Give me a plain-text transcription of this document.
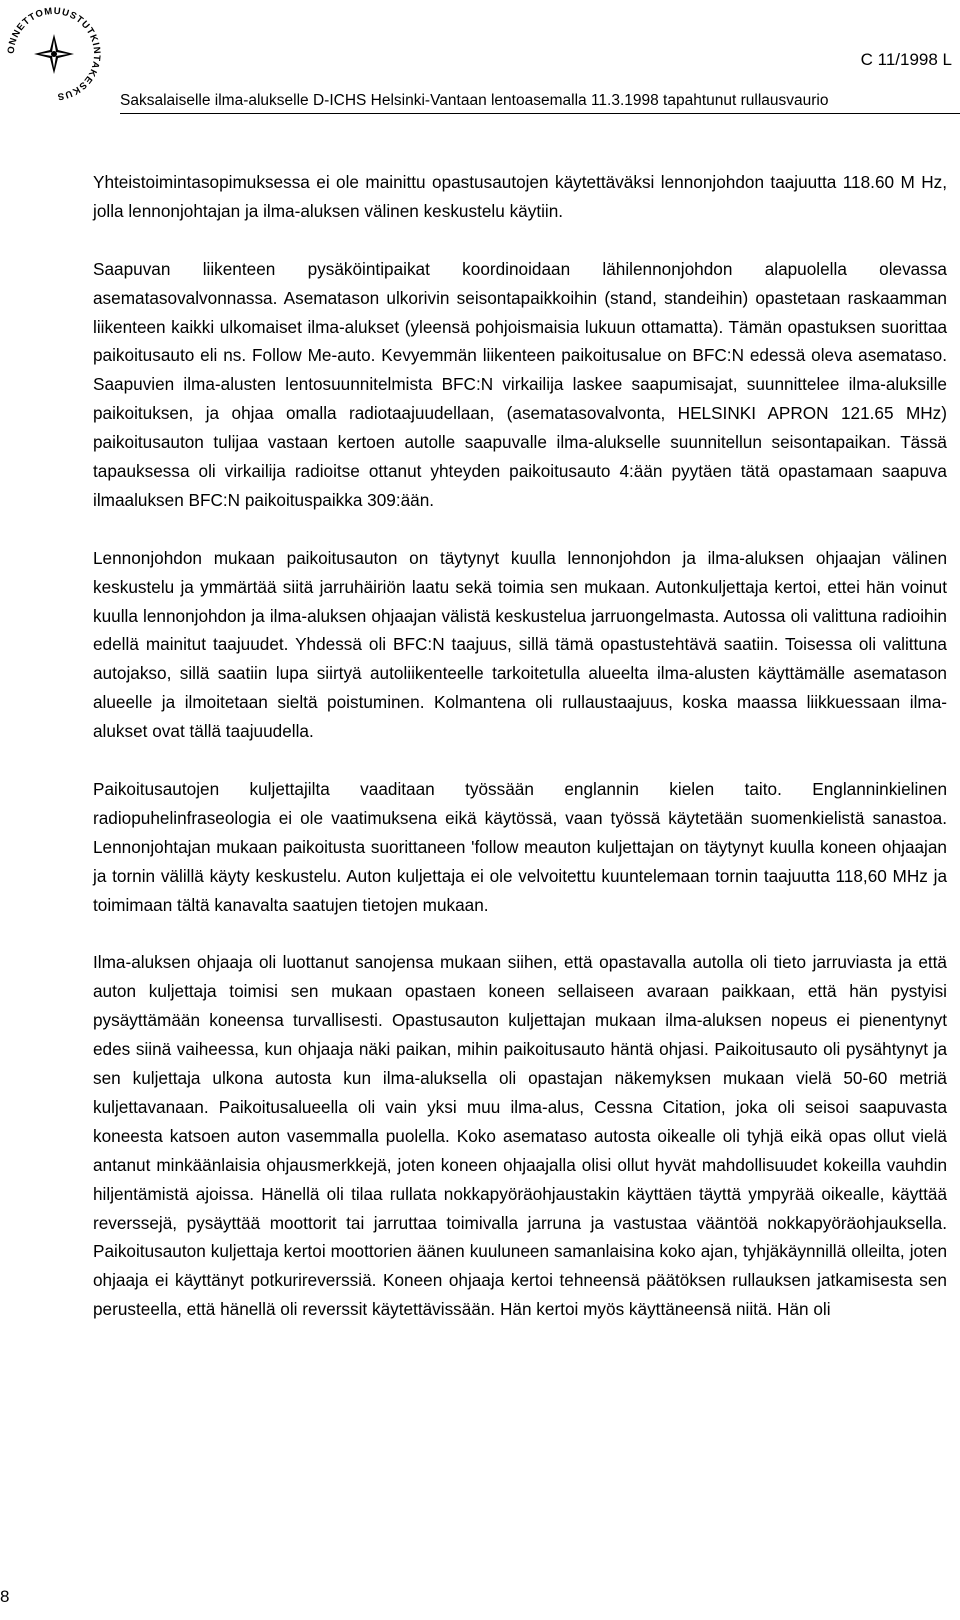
ONNETTOMUUSTUTKINTAKESKUS
C 11/1998 L
Saksalaiselle ilma-alukselle D-ICHS Helsinki-Vantaan lentoasemalla 11.3.1998 tapahtunut rullausvaurio

Yhteistoimintasopimuksessa ei ole mainittu opastusautojen käytettäväksi lennonjohdon taajuutta 118.60 M Hz, jolla lennonjohtajan ja ilma-aluksen välinen keskustelu käytiin.

Saapuvan liikenteen pysäköintipaikat koordinoidaan lähilennonjohdon alapuolella olevassa asematasovalvonnassa. Asematason ulkorivin seisontapaikkoihin (stand, standeihin) opastetaan raskaamman liikenteen kaikki ulkomaiset ilma-alukset (yleensä pohjoismaisia lukuun ottamatta). Tämän opastuksen suorittaa paikoitusauto eli ns. Follow Me-auto. Kevyemmän liikenteen paikoitusalue on BFC:N edessä oleva asemataso. Saapuvien ilma-alusten lentosuunnitelmista BFC:N virkailija laskee saapumisajat, suunnittelee ilma-aluksille paikoituksen, ja ohjaa omalla radiotaajuudellaan, (asematasovalvonta, HELSINKI APRON 121.65 MHz) paikoitusauton tulijaa vastaan kertoen autolle saapuvalle ilma-alukselle suunnitellun seisontapaikan. Tässä tapauksessa oli virkailija radioitse ottanut yhteyden paikoitusauto 4:ään pyytäen tätä opastamaan saapuva ilmaaluksen BFC:N paikoituspaikka 309:ään.

Lennonjohdon mukaan paikoitusauton on täytynyt kuulla lennonjohdon ja ilma-aluksen ohjaajan välinen keskustelu ja ymmärtää siitä jarruhäiriön laatu sekä toimia sen mukaan. Autonkuljettaja kertoi, ettei hän voinut kuulla lennonjohdon ja ilma-aluksen ohjaajan välistä keskustelua jarruongelmasta. Autossa oli valittuna radioihin edellä mainitut taajuudet. Yhdessä oli BFC:N taajuus, sillä tämä opastustehtävä saatiin. Toisessa oli valittuna autojakso, sillä saatiin lupa siirtyä autoliikenteelle tarkoitetulla alueelta ilma-alusten käyttämälle asematason alueelle ja ilmoitetaan sieltä poistuminen. Kolmantena oli rullaustaajuus, koska maassa liikkuessaan ilma-alukset ovat tällä taajuudella.

Paikoitusautojen kuljettajilta vaaditaan työssään englannin kielen taito. Englanninkielinen radiopuhelinfraseologia ei ole vaatimuksena eikä käytössä, vaan työssä käytetään suomenkielistä sanastoa. Lennonjohtajan mukaan paikoitusta suorittaneen 'follow meauton kuljettajan on täytynyt kuulla koneen ohjaajan ja tornin välillä käyty keskustelu. Auton kuljettaja ei ole velvoitettu kuuntelemaan tornin taajuutta 118,60 MHz ja toimimaan tältä kanavalta saatujen tietojen mukaan.

Ilma-aluksen ohjaaja oli luottanut sanojensa mukaan siihen, että opastavalla autolla oli tieto jarruviasta ja että auton kuljettaja toimisi sen mukaan opastaen koneen sellaiseen avaraan paikkaan, että hän pystyisi pysäyttämään koneensa turvallisesti. Opastusauton kuljettajan mukaan ilma-aluksen nopeus ei pienentynyt edes siinä vaiheessa, kun ohjaaja näki paikan, mihin paikoitusauto häntä ohjasi. Paikoitusauto oli pysähtynyt ja sen kuljettaja ulkona autosta kun ilma-aluksella oli opastajan näkemyksen mukaan vielä 50-60 metriä kuljettavanaan. Paikoitusalueella oli vain yksi muu ilma-alus, Cessna Citation, joka oli seisoi saapuvasta koneesta katsoen auton vasemmalla puolella. Koko asemataso autosta oikealle oli tyhjä eikä opas ollut vielä antanut minkäänlaisia ohjausmerkkejä, joten koneen ohjaajalla olisi ollut hyvät mahdollisuudet kokeilla vauhdin hiljentämistä ajoissa. Hänellä oli tilaa rullata nokkapyöräohjaustakin käyttäen täyttä ympyrää oikealle, käyttää reverssejä, pysäyttää moottorit tai jarruttaa toimivalla jarruna ja vastustaa vääntöä nokkapyöräohjauksella. Paikoitusauton kuljettaja kertoi moottorien äänen kuuluneen samanlaisina koko ajan, tyhjäkäynnillä olleilta, joten ohjaaja ei käyttänyt potkurireverssiä. Koneen ohjaaja kertoi tehneensä päätöksen rullauksen jatkamisesta sen perusteella, että hänellä oli reverssit käytettävissään. Hän kertoi myös käyttäneensä niitä. Hän oli

8
